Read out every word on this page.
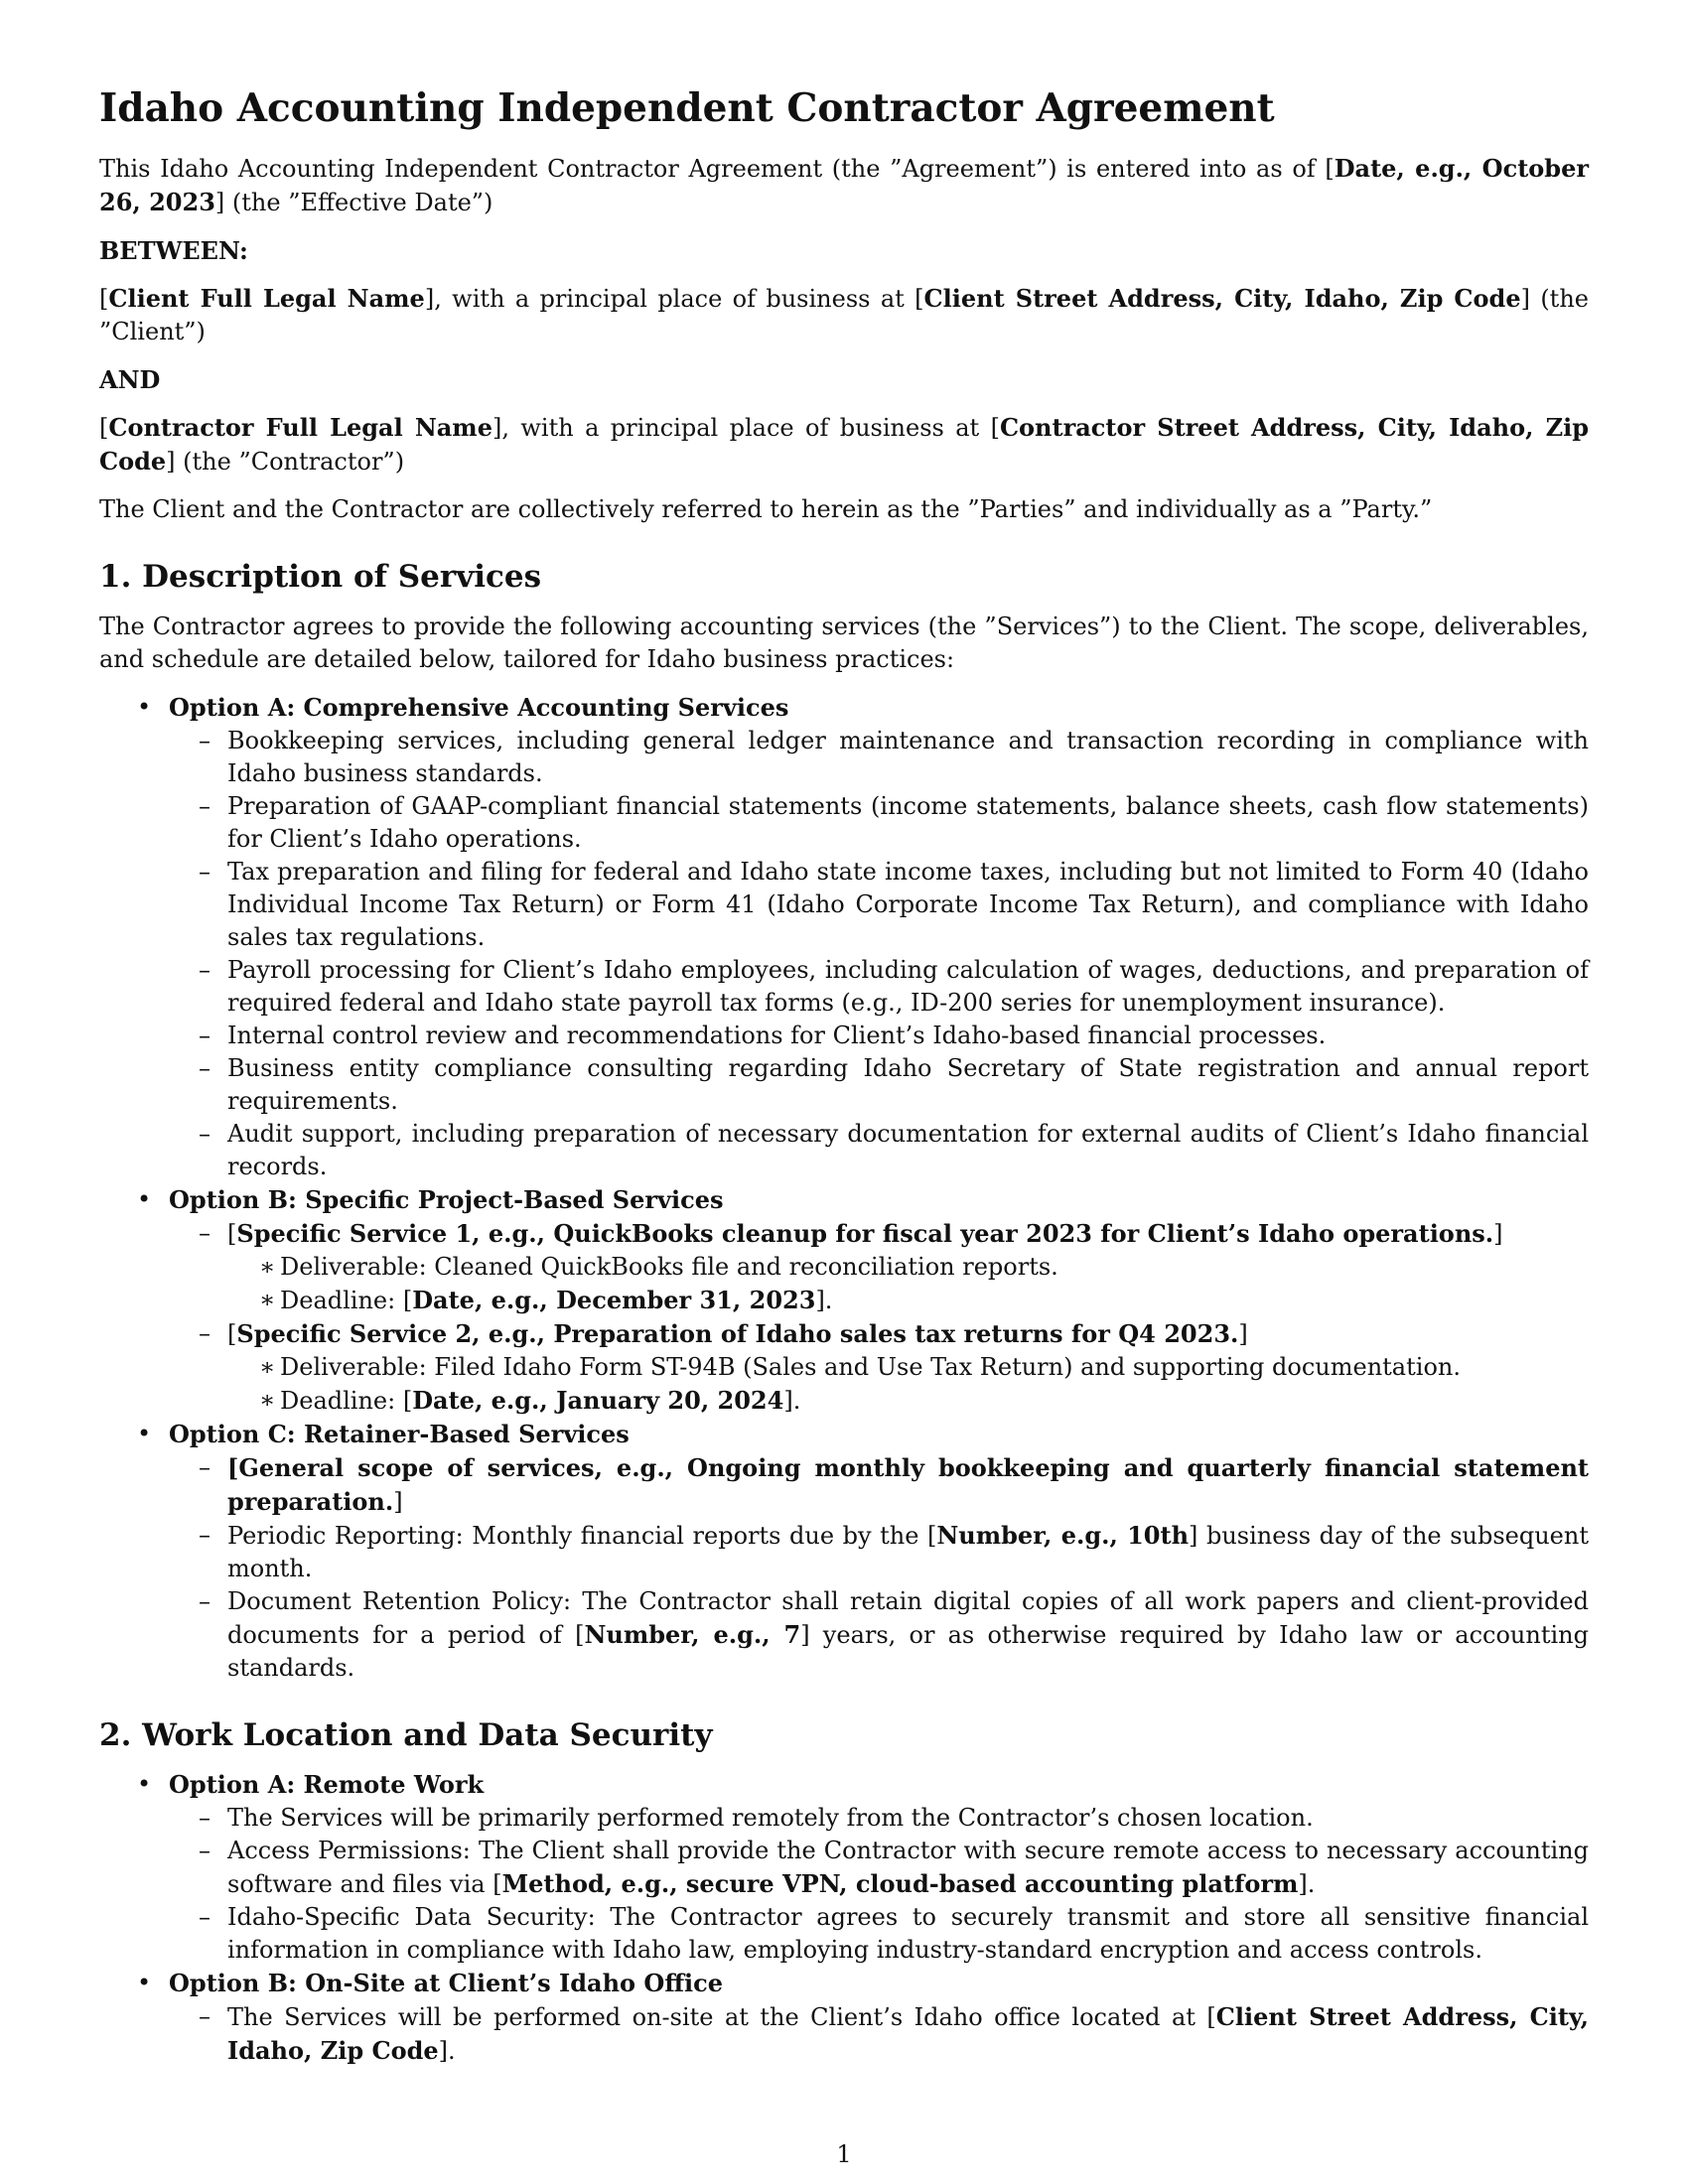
Idaho Accounting Independent Contractor Agreement

This Idaho Accounting Independent Contractor Agreement (the ”Agreement”) is entered into as of [Date, e.g., October 26, 2023] (the ”Effective Date”)

BETWEEN:

[Client Full Legal Name], with a principal place of business at [Client Street Address, City, Idaho, Zip Code] (the ”Client”)

AND

[Contractor Full Legal Name], with a principal place of business at [Contractor Street Address, City, Idaho, Zip Code] (the ”Contractor”)

The Client and the Contractor are collectively referred to herein as the ”Parties” and individually as a ”Party.”

1. Description of Services

The Contractor agrees to provide the following accounting services (the ”Services”) to the Client. The scope, deliverables, and schedule are detailed below, tailored for Idaho business practices:

• Option A: Comprehensive Accounting Services
– Bookkeeping services, including general ledger maintenance and transaction recording in compliance with Idaho business standards.
– Preparation of GAAP-compliant financial statements (income statements, balance sheets, cash flow statements) for Client’s Idaho operations.
– Tax preparation and filing for federal and Idaho state income taxes, including but not limited to Form 40 (Idaho Individual Income Tax Return) or Form 41 (Idaho Corporate Income Tax Return), and compliance with Idaho sales tax regulations.
– Payroll processing for Client’s Idaho employees, including calculation of wages, deductions, and preparation of required federal and Idaho state payroll tax forms (e.g., ID-200 series for unemployment insurance).
– Internal control review and recommendations for Client’s Idaho-based financial processes.
– Business entity compliance consulting regarding Idaho Secretary of State registration and annual report requirements.
– Audit support, including preparation of necessary documentation for external audits of Client’s Idaho financial records.
• Option B: Specific Project-Based Services
– [Specific Service 1, e.g., QuickBooks cleanup for fiscal year 2023 for Client’s Idaho operations.]
∗ Deliverable: Cleaned QuickBooks file and reconciliation reports.
∗ Deadline: [Date, e.g., December 31, 2023].
– [Specific Service 2, e.g., Preparation of Idaho sales tax returns for Q4 2023.]
∗ Deliverable: Filed Idaho Form ST-94B (Sales and Use Tax Return) and supporting documentation.
∗ Deadline: [Date, e.g., January 20, 2024].
• Option C: Retainer-Based Services
– [General scope of services, e.g., Ongoing monthly bookkeeping and quarterly financial statement preparation.]
– Periodic Reporting: Monthly financial reports due by the [Number, e.g., 10th] business day of the subsequent month.
– Document Retention Policy: The Contractor shall retain digital copies of all work papers and client-provided documents for a period of [Number, e.g., 7] years, or as otherwise required by Idaho law or accounting standards.
2. Work Location and Data Security
• Option A: Remote Work
– The Services will be primarily performed remotely from the Contractor’s chosen location.
– Access Permissions: The Client shall provide the Contractor with secure remote access to necessary accounting software and files via [Method, e.g., secure VPN, cloud-based accounting platform].
– Idaho-Specific Data Security: The Contractor agrees to securely transmit and store all sensitive financial information in compliance with Idaho law, employing industry-standard encryption and access controls.
• Option B: On-Site at Client’s Idaho Office
– The Services will be performed on-site at the Client’s Idaho office located at [Client Street Address, City, Idaho, Zip Code].
1
